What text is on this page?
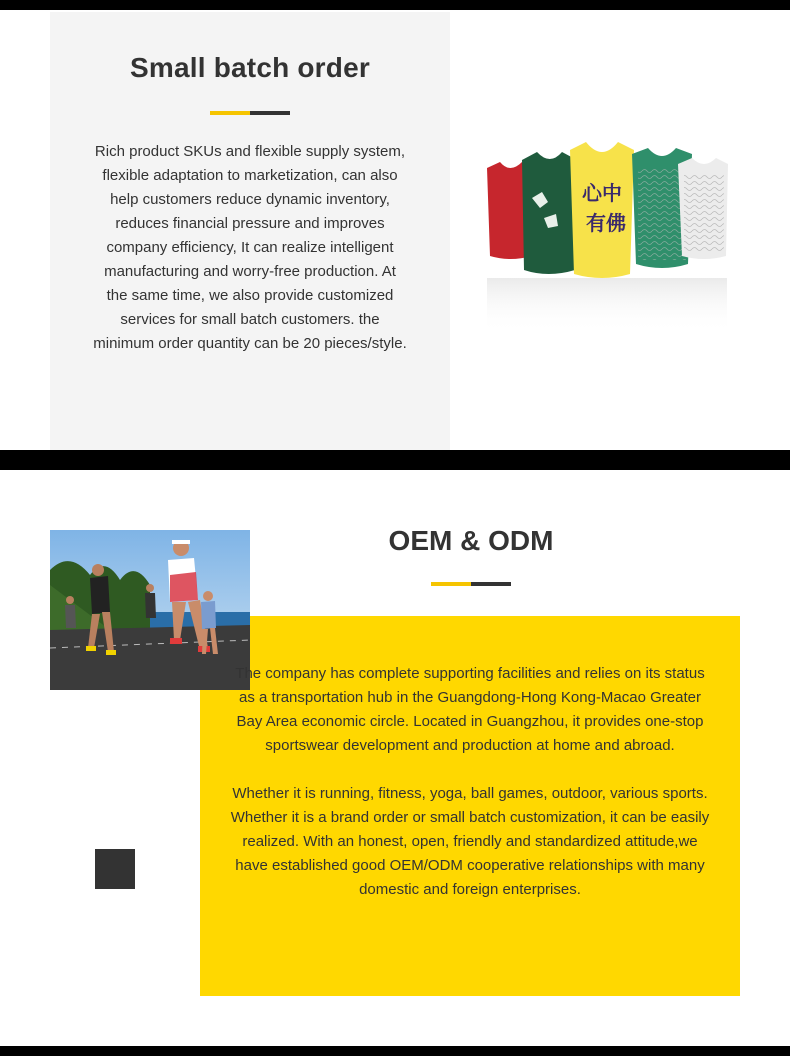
Small batch order

Rich product SKUs and flexible supply system, flexible adaptation to marketization, can also help customers reduce dynamic inventory, reduces financial pressure and improves company efficiency, It can realize intelligent manufacturing and worry-free production. At the same time, we also provide customized services for small batch customers. the minimum order quantity can be 20 pieces/style.

心中
有佛
OEM & ODM

The company has complete supporting facilities and relies on its status as a transportation hub in the Guangdong-Hong Kong-Macao Greater Bay Area economic circle. Located in Guangzhou, it provides one-stop sportswear development and production at home and abroad.

Whether it is running, fitness, yoga, ball games, outdoor, various sports. Whether it is a brand order or small batch customization, it can be easily realized. With an honest, open, friendly and standardized attitude,we have established good OEM/ODM cooperative relationships with many domestic and foreign enterprises.
